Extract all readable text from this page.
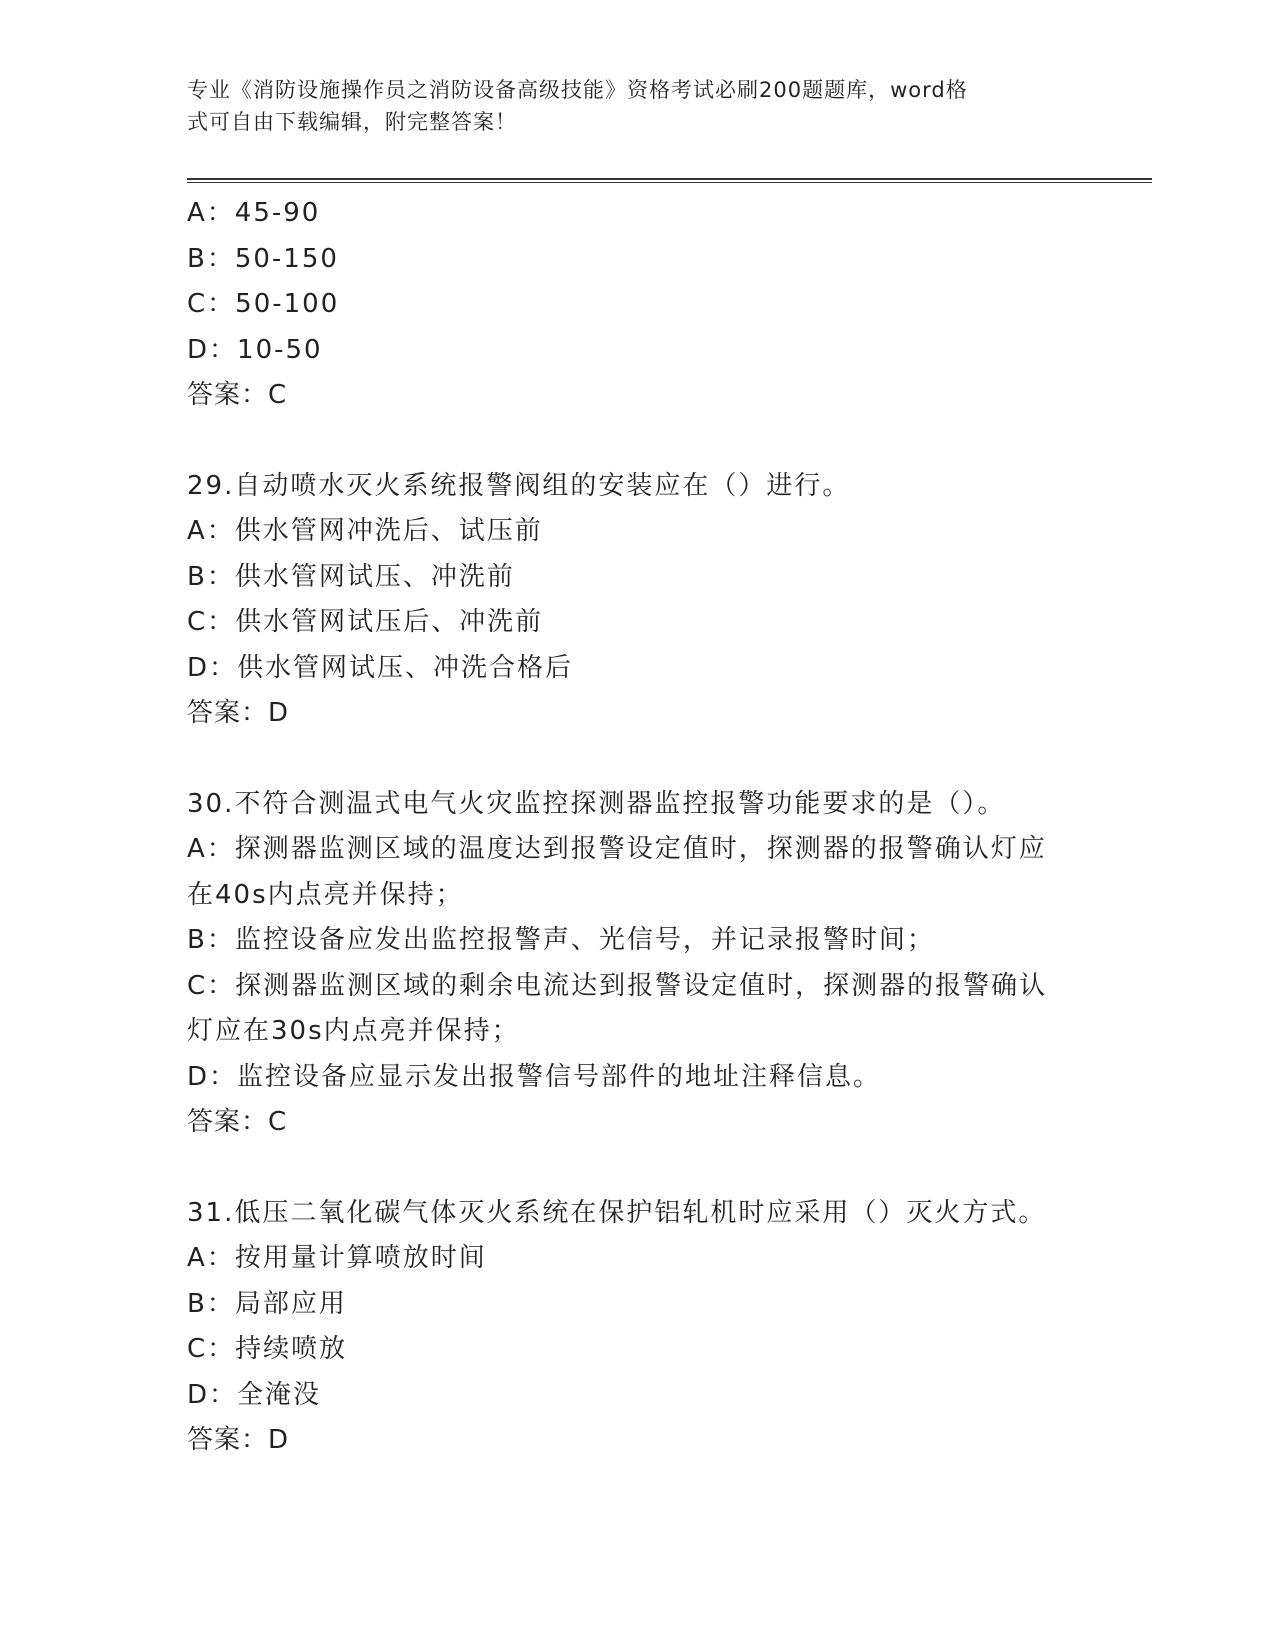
专业《消防设施操作员之消防设备高级技能》资格考试必刷200题题库，word格
式可自由下载编辑，附完整答案！
A：45-90
B：50-150
C：50-100
D：10-50
答案：C
29.自动喷水灭火系统报警阀组的安装应在（）进行。
A：供水管网冲洗后、试压前
B：供水管网试压、冲洗前
C：供水管网试压后、冲洗前
D：供水管网试压、冲洗合格后
答案：D
30.不符合测温式电气火灾监控探测器监控报警功能要求的是（）。
A：探测器监测区域的温度达到报警设定值时，探测器的报警确认灯应
在40s内点亮并保持；
B：监控设备应发出监控报警声、光信号，并记录报警时间；
C：探测器监测区域的剩余电流达到报警设定值时，探测器的报警确认
灯应在30s内点亮并保持；
D：监控设备应显示发出报警信号部件的地址注释信息。
答案：C
31.低压二氧化碳气体灭火系统在保护铝轧机时应采用（）灭火方式。
A：按用量计算喷放时间
B：局部应用
C：持续喷放
D：全淹没
答案：D
